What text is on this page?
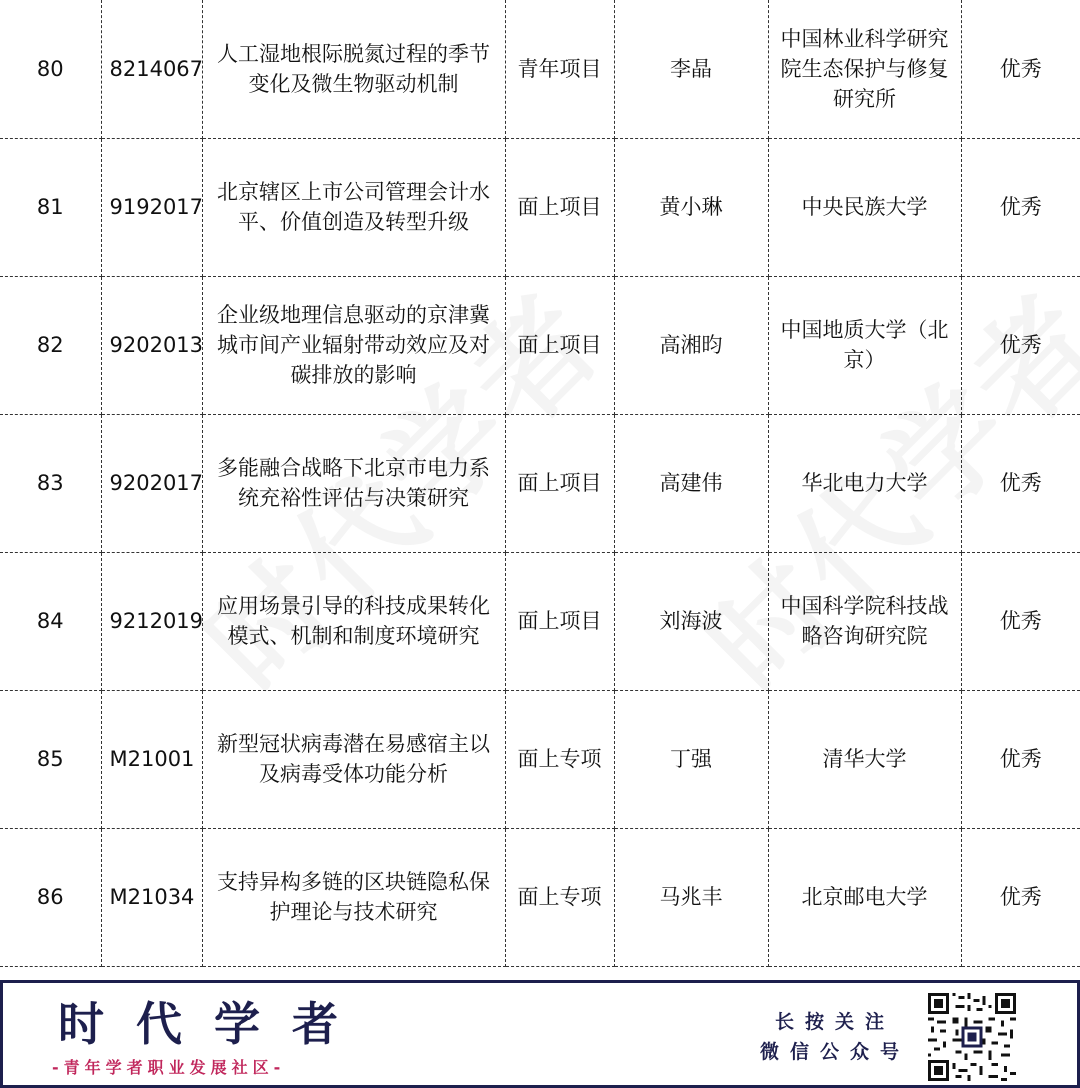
80	8214067	人工湿地根际脱氮过程的季节变化及微生物驱动机制	青年项目	李晶	中国林业科学研究院生态保护与修复研究所	优秀
81	9192017	北京辖区上市公司管理会计水平、价值创造及转型升级	面上项目	黄小琳	中央民族大学	优秀
82	9202013	企业级地理信息驱动的京津冀城市间产业辐射带动效应及对碳排放的影响	面上项目	高湘昀	中国地质大学（北京）	优秀
83	9202017	多能融合战略下北京市电力系统充裕性评估与决策研究	面上项目	高建伟	华北电力大学	优秀
84	9212019	应用场景引导的科技成果转化模式、机制和制度环境研究	面上项目	刘海波	中国科学院科技战略咨询研究院	优秀
85	M21001	新型冠状病毒潜在易感宿主以及病毒受体功能分析	面上专项	丁强	清华大学	优秀
86	M21034	支持异构多链的区块链隐私保护理论与技术研究	面上专项	马兆丰	北京邮电大学	优秀
时代学者
-青年学者职业发展社区-
长按关注
微信公众号
